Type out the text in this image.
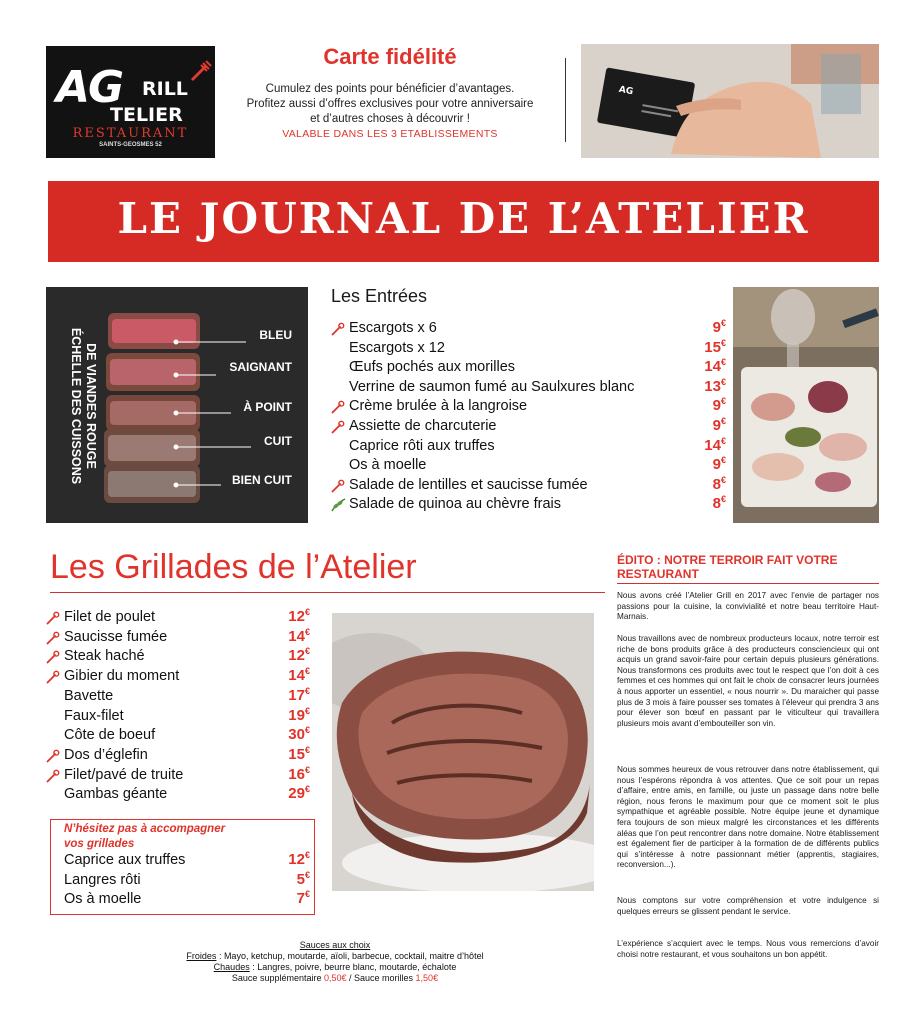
AG RILL
TELIER
RESTAURANT
SAINTS-GEOSMES 52
Carte fidélité
Cumulez des points pour bénéficier d’avantages.
Profitez aussi d’offres exclusives pour votre anniversaire
et d’autres choses à découvrir !
VALABLE DANS LES 3 ETABLISSEMENTS
AG
LE JOURNAL DE L’ATELIER
ÉCHELLE DES CUISSONS DE VIANDES ROUGE
BLEU
SAIGNANT
À POINT
CUIT
BIEN CUIT
Les Entrées
Escargots x 6	9€
Escargots x 12	15€
Œufs pochés aux morilles	14€
Verrine de saumon fumé au Saulxures blanc	13€
Crème brulée à la langroise	9€
Assiette de charcuterie	9€
Caprice rôti aux truffes	14€
Os à moelle	9€
Salade de lentilles et saucisse fumée	8€
Salade de quinoa au chèvre frais	8€
Les Grillades de l’Atelier
Filet de poulet	12€
Saucisse fumée	14€
Steak haché	12€
Gibier du moment	14€
Bavette	17€
Faux-filet	19€
Côte de boeuf	30€
Dos d’églefin	15€
Filet/pavé de truite	16€
Gambas géante	29€
N’hésitez pas à accompagner
vos grillades
Caprice aux truffes	12€
Langres rôti	5€
Os à moelle	7€
Sauces aux choix
Froides : Mayo, ketchup, moutarde, aïoli, barbecue, cocktail, maitre d’hôtel
Chaudes : Langres, poivre, beurre blanc, moutarde, échalote
Sauce supplémentaire 0,50€ / Sauce morilles 1,50€
ÉDITO : NOTRE TERROIR FAIT VOTRE RESTAURANT
Nous avons créé l’Atelier Grill en 2017 avec l’envie de partager nos passions pour la cuisine, la convivialité et notre beau territoire Haut-Marnais.
Nous travaillons avec de nombreux producteurs locaux, notre terroir est riche de bons produits grâce à des producteurs consciencieux qui ont acquis un grand savoir-faire pour certain depuis plusieurs générations. Nous transformons ces produits avec tout le respect que l’on doit à ces femmes et ces hommes qui ont fait le choix de consacrer leurs journées à nous apporter un essentiel, « nous nourrir ». Du maraicher qui passe plus de 3 mois à faire pousser ses tomates à l’éleveur qui prendra 3 ans pour élever son bœuf en passant par le viticulteur qui travaillera plusieurs mois avant d’embouteiller son vin.
Nous sommes heureux de vous retrouver dans notre établissement, qui nous l’espérons répondra à vos attentes. Que ce soit pour un repas d’affaire, entre amis, en famille, ou juste un passage dans notre belle région, nous ferons le maximum pour que ce moment soit le plus sympathique et agréable possible. Notre équipe jeune et dynamique fera toujours de son mieux malgré les circonstances et les différents aléas que l’on peut rencontrer dans notre domaine. Notre établissement est également fier de participer à la formation de de différents publics qui s’intéresse à notre passionnant métier (apprentis, stagiaires, reconversion...).
Nous comptons sur votre compréhension et votre indulgence si quelques erreurs se glissent pendant le service.
L’expérience s’acquiert avec le temps. Nous vous remercions d’avoir choisi notre restaurant, et vous souhaitons un bon appétit.
